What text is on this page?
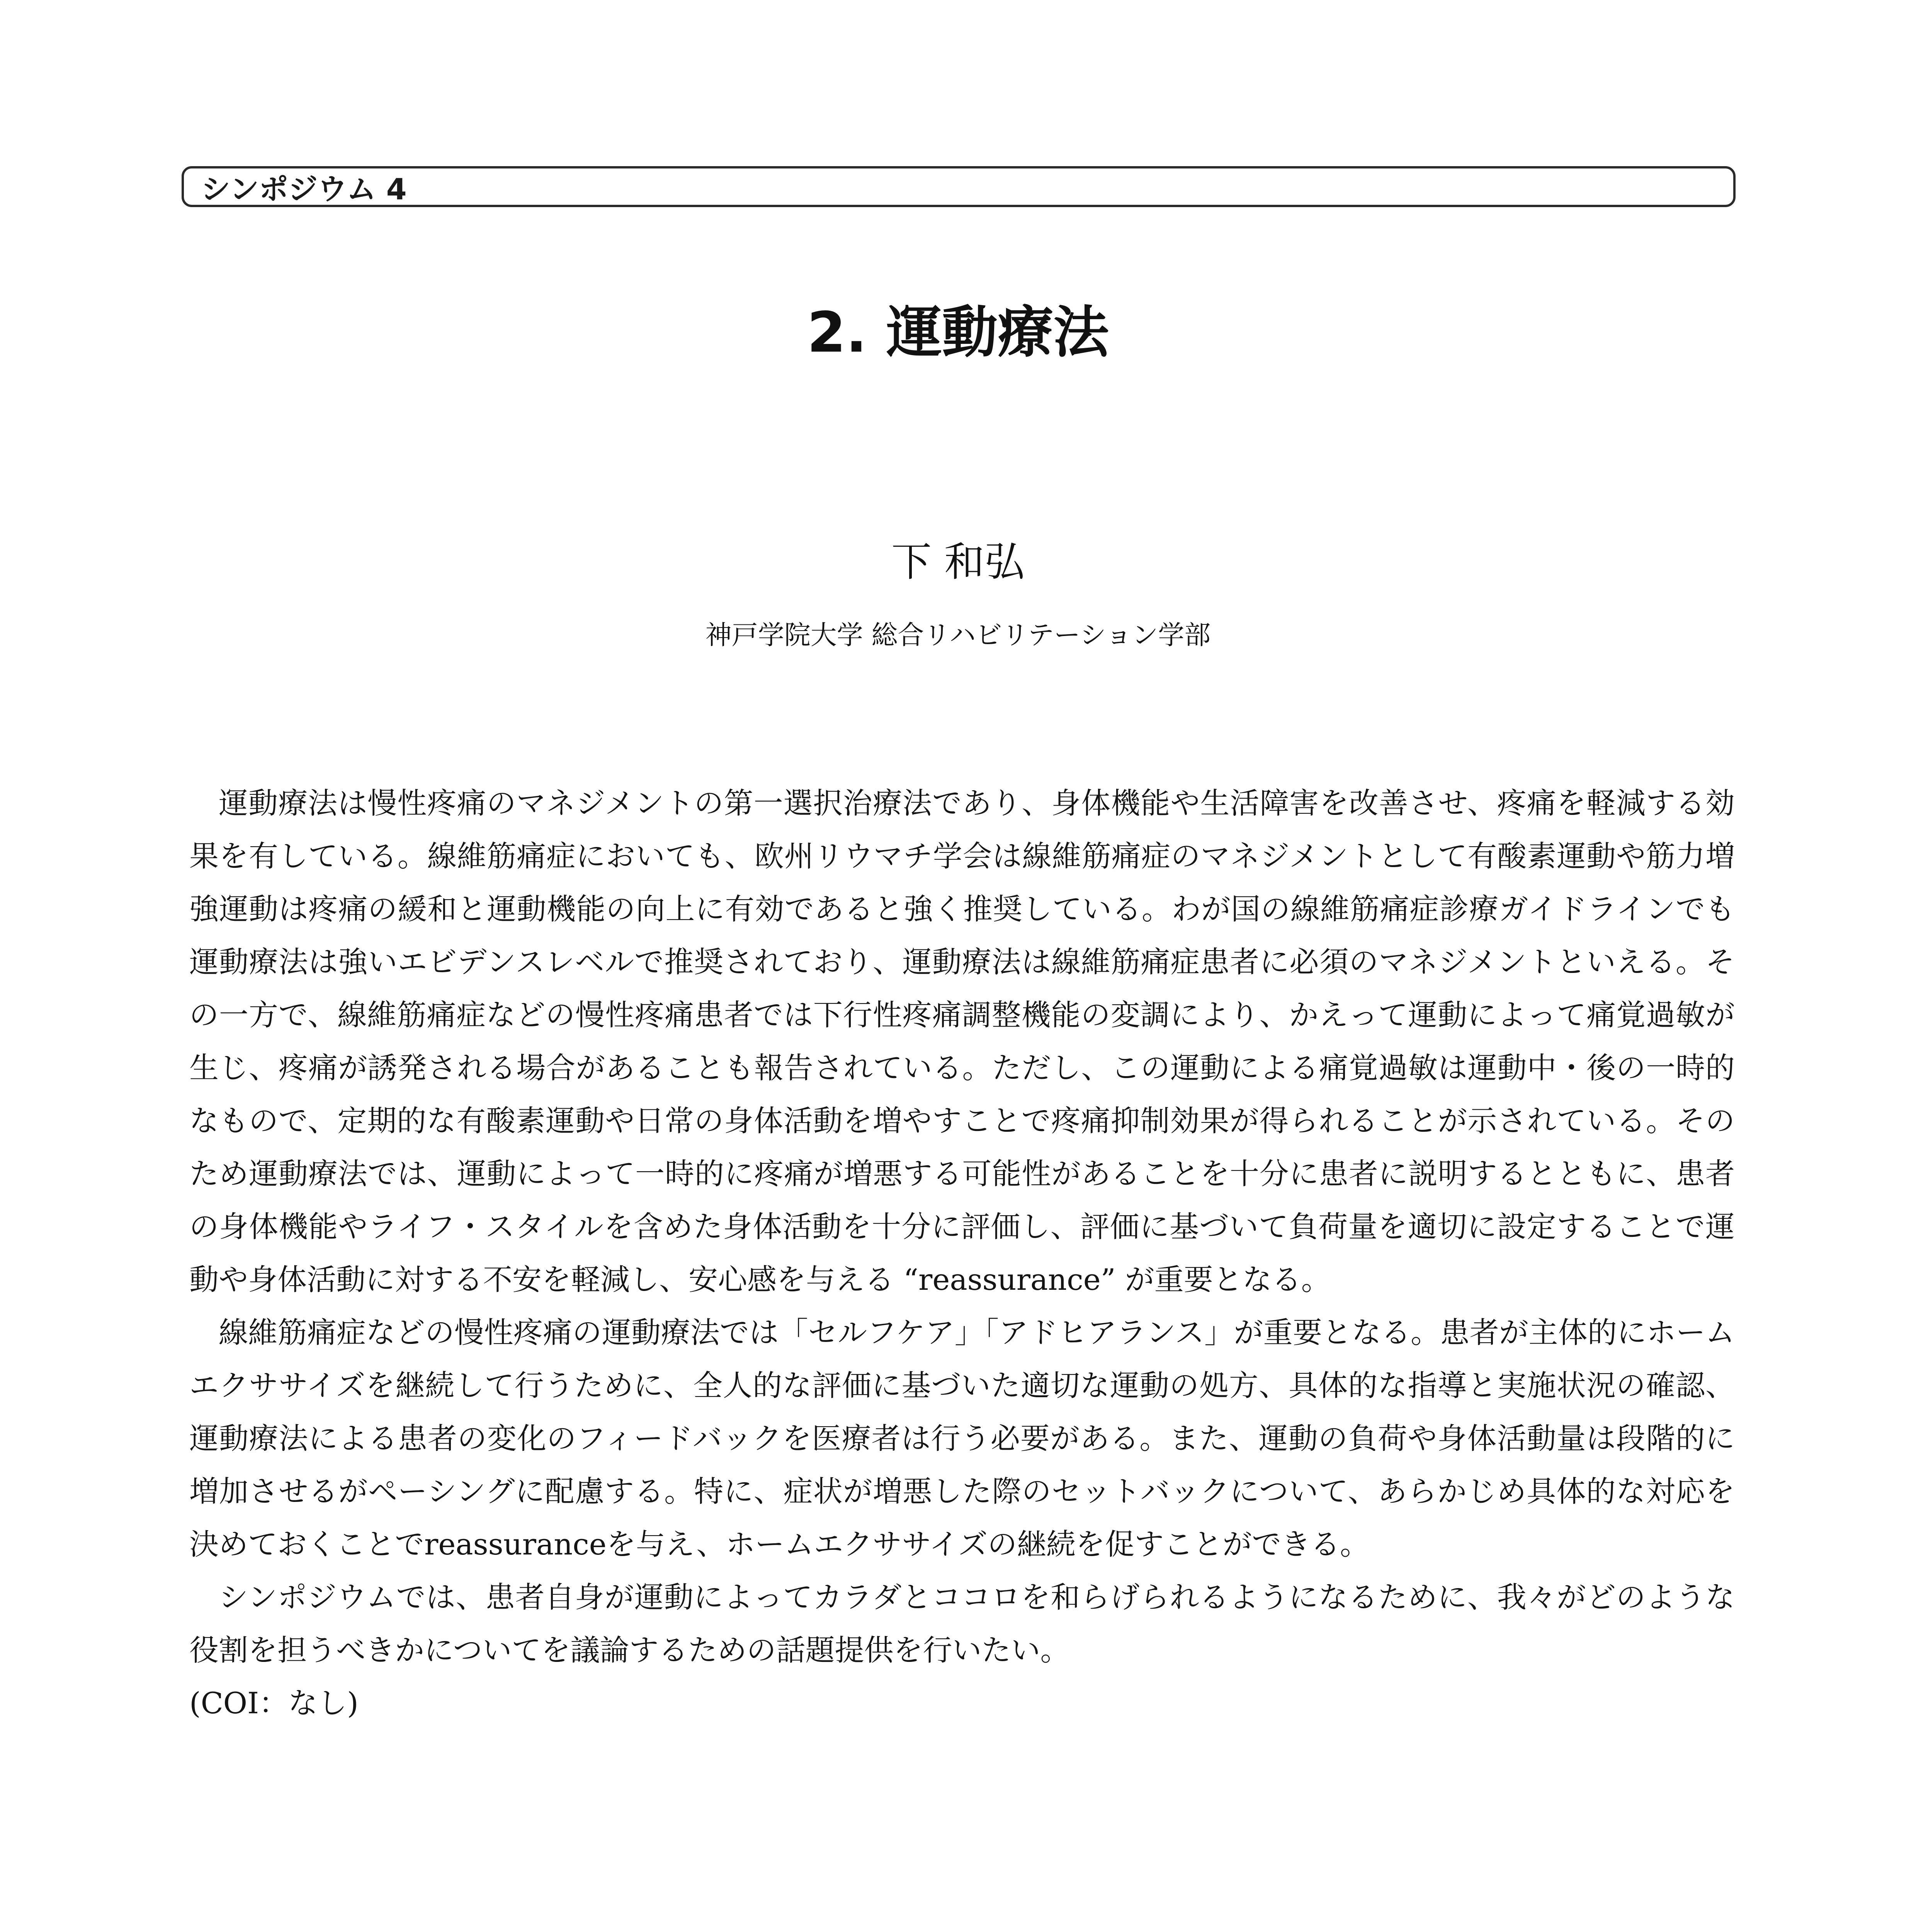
シンポジウム 4
2. 運動療法
下 和弘
神戸学院大学 総合リハビリテーション学部

運動療法は慢性疼痛のマネジメントの第一選択治療法であり、身体機能や生活障害を改善させ、疼痛を軽減する効果を有している。線維筋痛症においても、欧州リウマチ学会は線維筋痛症のマネジメントとして有酸素運動や筋力増強運動は疼痛の緩和と運動機能の向上に有効であると強く推奨している。わが国の線維筋痛症診療ガイドラインでも運動療法は強いエビデンスレベルで推奨されており、運動療法は線維筋痛症患者に必須のマネジメントといえる。その一方で、線維筋痛症などの慢性疼痛患者では下行性疼痛調整機能の変調により、かえって運動によって痛覚過敏が生じ、疼痛が誘発される場合があることも報告されている。ただし、この運動による痛覚過敏は運動中・後の一時的なもので、定期的な有酸素運動や日常の身体活動を増やすことで疼痛抑制効果が得られることが示されている。そのため運動療法では、運動によって一時的に疼痛が増悪する可能性があることを十分に患者に説明するとともに、患者の身体機能やライフ・スタイルを含めた身体活動を十分に評価し、評価に基づいて負荷量を適切に設定することで運動や身体活動に対する不安を軽減し、安心感を与える “reassurance” が重要となる。

線維筋痛症などの慢性疼痛の運動療法では「セルフケア」「アドヒアランス」が重要となる。患者が主体的にホームエクササイズを継続して行うために、全人的な評価に基づいた適切な運動の処方、具体的な指導と実施状況の確認、運動療法による患者の変化のフィードバックを医療者は行う必要がある。また、運動の負荷や身体活動量は段階的に増加させるがペーシングに配慮する。特に、症状が増悪した際のセットバックについて、あらかじめ具体的な対応を決めておくことでreassuranceを与え、ホームエクササイズの継続を促すことができる。

シンポジウムでは、患者自身が運動によってカラダとココロを和らげられるようになるために、我々がどのような役割を担うべきかについてを議論するための話題提供を行いたい。

(COI：なし)
